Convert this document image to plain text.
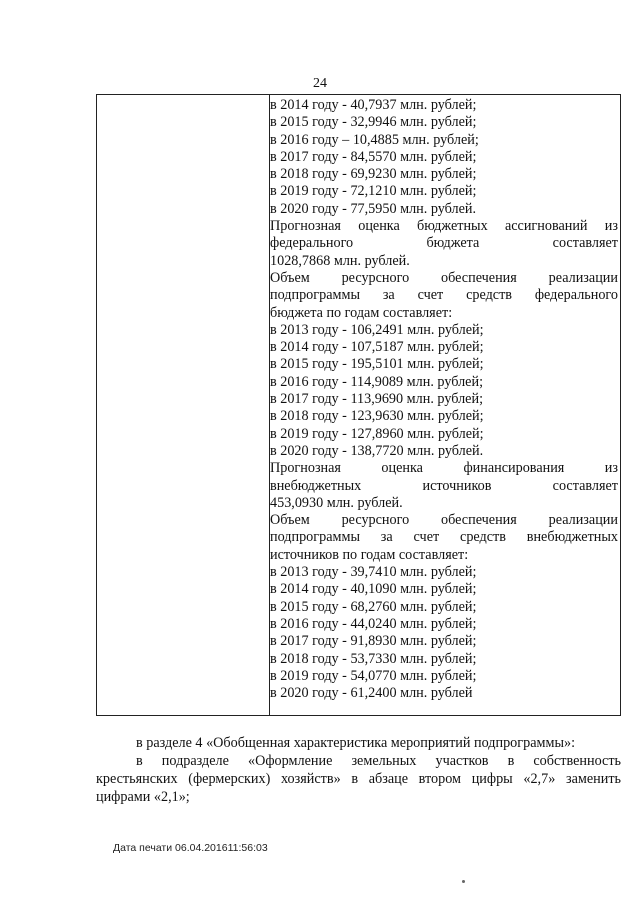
24
в 2014 году - 40,7937 млн. рублей;
в 2015 году - 32,9946 млн. рублей;
в 2016 году – 10,4885 млн. рублей;
в 2017 году - 84,5570 млн. рублей;
в 2018 году - 69,9230 млн. рублей;
в 2019 году - 72,1210 млн. рублей;
в 2020 году - 77,5950 млн. рублей.
Прогнозная оценка бюджетных ассигнований из
федерального бюджета составляет
1028,7868 млн. рублей.
Объем ресурсного обеспечения реализации
подпрограммы за счет средств федерального
бюджета по годам составляет:
в 2013 году - 106,2491 млн. рублей;
в 2014 году - 107,5187 млн. рублей;
в 2015 году - 195,5101 млн. рублей;
в 2016 году - 114,9089 млн. рублей;
в 2017 году - 113,9690 млн. рублей;
в 2018 году - 123,9630 млн. рублей;
в 2019 году - 127,8960 млн. рублей;
в 2020 году - 138,7720 млн. рублей.
Прогнозная оценка финансирования из
внебюджетных источников составляет
453,0930 млн. рублей.
Объем ресурсного обеспечения реализации
подпрограммы за счет средств внебюджетных
источников по годам составляет:
в 2013 году - 39,7410 млн. рублей;
в 2014 году - 40,1090 млн. рублей;
в 2015 году - 68,2760 млн. рублей;
в 2016 году - 44,0240 млн. рублей;
в 2017 году - 91,8930 млн. рублей;
в 2018 году - 53,7330 млн. рублей;
в 2019 году - 54,0770 млн. рублей;
в 2020 году - 61,2400 млн. рублей
в разделе 4 «Обобщенная характеристика мероприятий подпрограммы»:
в подразделе «Оформление земельных участков в собственность
крестьянских (фермерских) хозяйств» в абзаце втором цифры «2,7» заменить
цифрами «2,1»;
Дата печати 06.04.201611:56:03
